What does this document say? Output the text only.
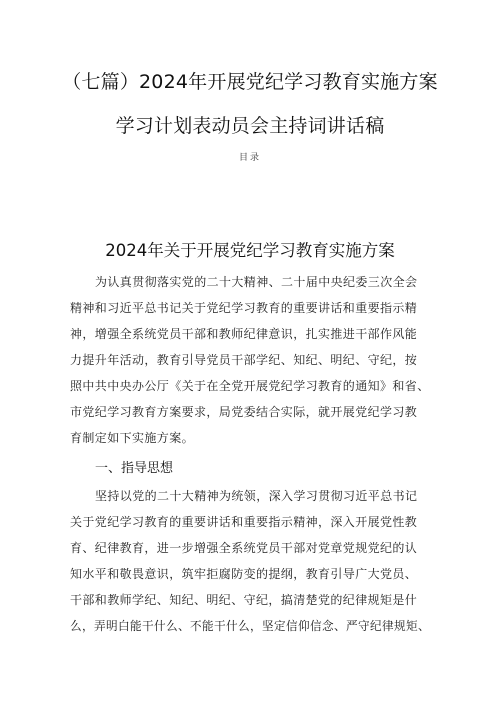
（七篇）2024年开展党纪学习教育实施方案
学习计划表动员会主持词讲话稿
目录
2024年关于开展党纪学习教育实施方案
为认真贯彻落实党的二十大精神、二十届中央纪委三次全会
精神和习近平总书记关于党纪学习教育的重要讲话和重要指示精
神，增强全系统党员干部和教师纪律意识，扎实推进干部作风能
力提升年活动，教育引导党员干部学纪、知纪、明纪、守纪，按
照中共中央办公厅《关于在全党开展党纪学习教育的通知》和省、
市党纪学习教育方案要求，局党委结合实际，就开展党纪学习教
育制定如下实施方案。
一、指导思想
坚持以党的二十大精神为统领，深入学习贯彻习近平总书记
关于党纪学习教育的重要讲话和重要指示精神，深入开展党性教
育、纪律教育，进一步增强全系统党员干部对党章党规党纪的认
知水平和敬畏意识，筑牢拒腐防变的提纲，教育引导广大党员、
干部和教师学纪、知纪、明纪、守纪，搞清楚党的纪律规矩是什
么，弄明白能干什么、不能干什么，坚定信仰信念、严守纪律规矩、
